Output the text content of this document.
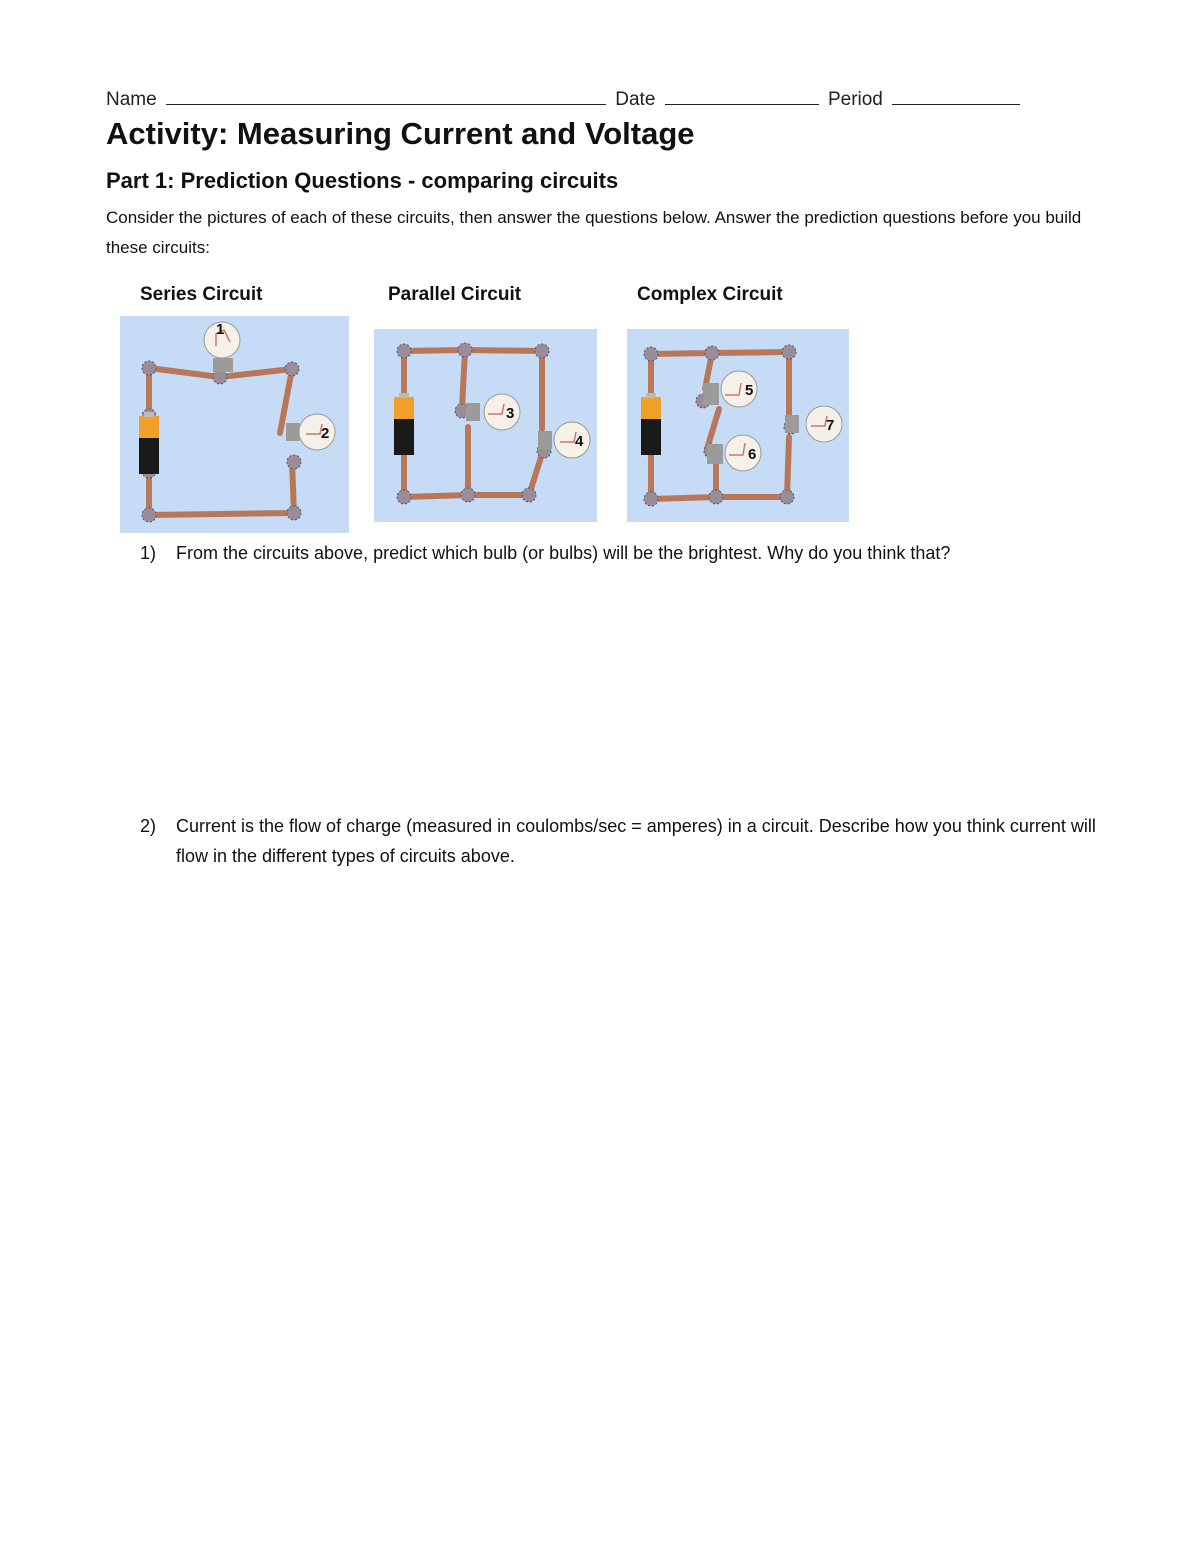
Name	Date	Period
Activity: Measuring Current and Voltage
Part 1: Prediction Questions - comparing circuits
Consider the pictures of each of these circuits, then answer the questions below. Answer the prediction questions before you build these circuits:
Series Circuit	Parallel Circuit	Complex Circuit
1
2
3
4
5
6
7
1) From the circuits above, predict which bulb (or bulbs) will be the brightest. Why do you think that?
2) Current is the flow of charge (measured in coulombs/sec = amperes) in a circuit. Describe how you think current will flow in the different types of circuits above.
